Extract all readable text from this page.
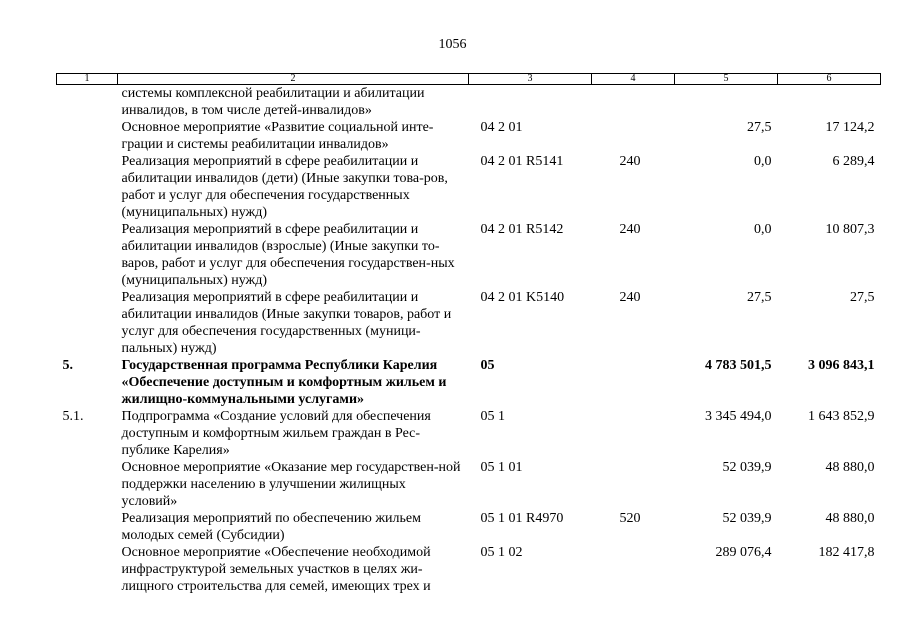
1056
1	2	3	4	5	6
	системы комплексной реабилитации и абилитации инвалидов, в том числе детей-инвалидов»				
	Основное мероприятие «Развитие социальной инте-грации и системы реабилитации инвалидов»	04 2 01		27,5	17 124,2
	Реализация мероприятий в сфере реабилитации и абилитации инвалидов (дети) (Иные закупки това-ров, работ и услуг для обеспечения государственных (муниципальных) нужд)	04 2 01 R5141	240	0,0	6 289,4
	Реализация мероприятий в сфере реабилитации и абилитации инвалидов (взрослые) (Иные закупки то-варов, работ и услуг для обеспечения государствен-ных (муниципальных) нужд)	04 2 01 R5142	240	0,0	10 807,3
	Реализация мероприятий в сфере реабилитации и абилитации инвалидов (Иные закупки товаров, работ и услуг для обеспечения государственных (муници-пальных) нужд)	04 2 01 K5140	240	27,5	27,5
5.	Государственная программа Республики Карелия «Обеспечение доступным и комфортным жильем и жилищно-коммунальными услугами»	05		4 783 501,5	3 096 843,1
5.1.	Подпрограмма «Создание условий для обеспечения доступным и комфортным жильем граждан в Рес-публике Карелия»	05 1		3 345 494,0	1 643 852,9
	Основное мероприятие «Оказание мер государствен-ной поддержки населению в улучшении жилищных условий»	05 1 01		52 039,9	48 880,0
	Реализация мероприятий по обеспечению жильем молодых семей (Субсидии)	05 1 01 R4970	520	52 039,9	48 880,0
	Основное мероприятие «Обеспечение необходимой инфраструктурой земельных участков в целях жи-лищного строительства для семей, имеющих трех и	05 1 02		289 076,4	182 417,8
